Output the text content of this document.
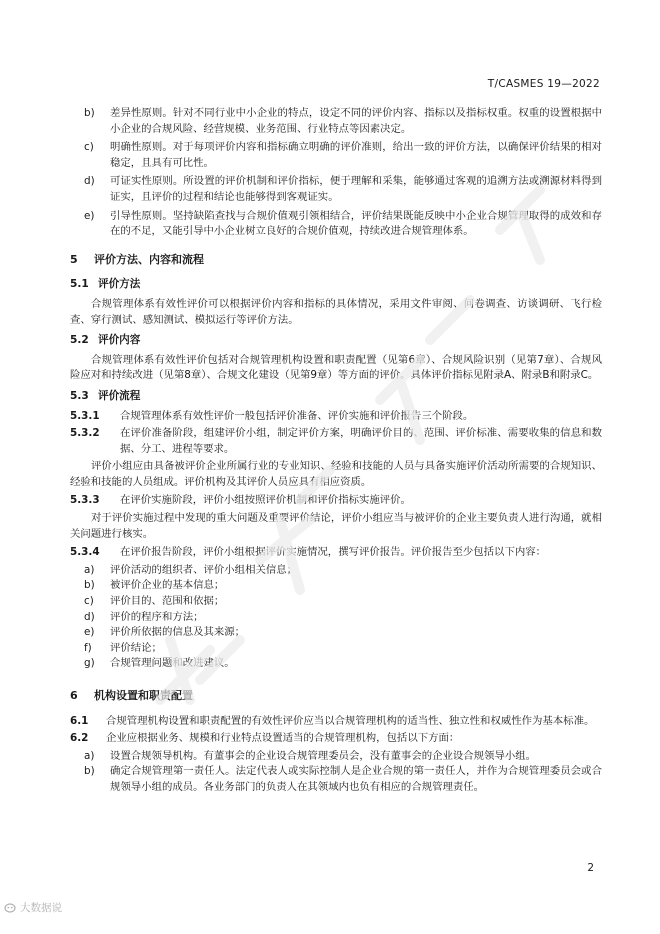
T/CASMES 19—2022
b)	差异性原则。针对不同行业中小企业的特点，设定不同的评价内容、指标以及指标权重。权重的设置根据中小企业的合规风险、经营规模、业务范围、行业特点等因素决定。
c)	明确性原则。对于每项评价内容和指标确立明确的评价准则，给出一致的评价方法，以确保评价结果的相对稳定，且具有可比性。
d)	可证实性原则。所设置的评价机制和评价指标，便于理解和采集，能够通过客观的追溯方法或溯源材料得到证实，且评价的过程和结论也能够得到客观证实。
e)	引导性原则。坚持缺陷查找与合规价值观引领相结合，评价结果既能反映中小企业合规管理取得的成效和存在的不足，又能引导中小企业树立良好的合规价值观，持续改进合规管理体系。
5	评价方法、内容和流程
5.1 评价方法
合规管理体系有效性评价可以根据评价内容和指标的具体情况，采用文件审阅、问卷调查、访谈调研、飞行检查、穿行测试、感知测试、模拟运行等评价方法。
5.2 评价内容
合规管理体系有效性评价包括对合规管理机构设置和职责配置（见第6章）、合规风险识别（见第7章）、合规风险应对和持续改进（见第8章）、合规文化建设（见第9章）等方面的评价。具体评价指标见附录A、附录B和附录C。
5.3 评价流程
5.3.1	合规管理体系有效性评价一般包括评价准备、评价实施和评价报告三个阶段。
5.3.2	在评价准备阶段，组建评价小组，制定评价方案，明确评价目的、范围、评价标准、需要收集的信息和数据、分工、进程等要求。
评价小组应由具备被评价企业所属行业的专业知识、经验和技能的人员与具备实施评价活动所需要的合规知识、经验和技能的人员组成。评价机构及其评价人员应具有相应资质。
5.3.3	在评价实施阶段，评价小组按照评价机制和评价指标实施评价。
对于评价实施过程中发现的重大问题及重要评价结论，评价小组应当与被评价的企业主要负责人进行沟通，就相关问题进行核实。
5.3.4	在评价报告阶段，评价小组根据评价实施情况，撰写评价报告。评价报告至少包括以下内容：
a)	评价活动的组织者、评价小组相关信息；
b)	被评价企业的基本信息；
c)	评价目的、范围和依据；
d)	评价的程序和方法；
e)	评价所依据的信息及其来源；
f)	评价结论；
g)	合规管理问题和改进建议。
6	机构设置和职责配置
6.1	合规管理机构设置和职责配置的有效性评价应当以合规管理机构的适当性、独立性和权威性作为基本标准。
6.2	企业应根据业务、规模和行业特点设置适当的合规管理机构，包括以下方面：
a)	设置合规领导机构。有董事会的企业设合规管理委员会，没有董事会的企业设合规领导小组。
b)	确定合规管理第一责任人。法定代表人或实际控制人是企业合规的第一责任人，并作为合规管理委员会或合规领导小组的成员。各业务部门的负责人在其领域内也负有相应的合规管理责任。
2
大数据说
